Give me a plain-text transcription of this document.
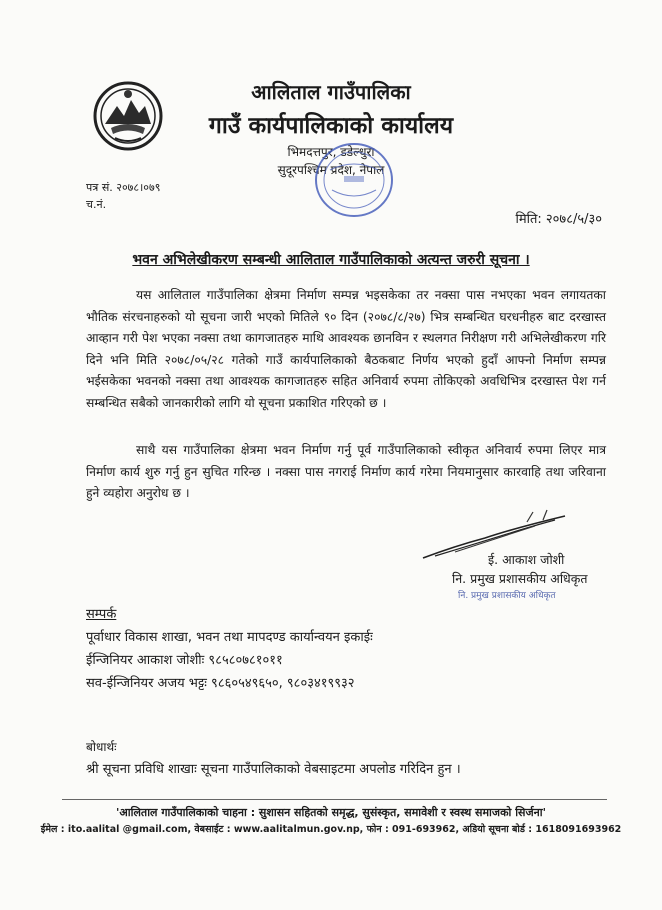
आलिताल गाउँपालिका
गाउँ कार्यपालिकाको कार्यालय
भिमदत्तपुर, डडेल्धुरा
सुदूरपश्चिम प्रदेश, नेपाल
पत्र सं. २०७८।०७९
च.नं.
मिति: २०७८/५/३०
भवन अभिलेखीकरण सम्बन्धी आलिताल गाउँपालिकाको अत्यन्त जरुरी सूचना ।

यस आलिताल गाउँपालिका क्षेत्रमा निर्माण सम्पन्न भइसकेका तर नक्सा पास नभएका भवन लगायतका भौतिक संरचनाहरुको यो सूचना जारी भएको मितिले ९० दिन (२०७८/८/२७) भित्र सम्बन्धित घरधनीहरु बाट दरखास्त आव्हान गरी पेश भएका नक्सा तथा कागजातहरु माथि आवश्यक छानविन र स्थलगत निरीक्षण गरी अभिलेखीकरण गरि दिने भनि मिति २०७८/०५/२८ गतेको गाउँ कार्यपालिकाको बैठकबाट निर्णय भएको हुदाँ आफ्नो निर्माण सम्पन्न भईसकेका भवनको नक्सा तथा आवश्यक कागजातहरु सहित अनिवार्य रुपमा तोकिएको अवधिभित्र दरखास्त पेश गर्न सम्बन्धित सबैको जानकारीको लागि यो सूचना प्रकाशित गरिएको छ ।

साथै यस गाउँपालिका क्षेत्रमा भवन निर्माण गर्नु पूर्व गाउँपालिकाको स्वीकृत अनिवार्य रुपमा लिएर मात्र निर्माण कार्य शुरु गर्नु हुन सुचित गरिन्छ । नक्सा पास नगराई निर्माण कार्य गरेमा नियमानुसार कारवाहि तथा जरिवाना हुने व्यहोरा अनुरोध छ ।

ई. आकाश जोशी
नि. प्रमुख प्रशासकीय अधिकृत
नि. प्रमुख प्रशासकीय अधिकृत
सम्पर्क
पूर्वाधार विकास शाखा, भवन तथा मापदण्ड कार्यान्वयन इकाईः
ईन्जिनियर आकाश जोशीः ९८५८०७८१०११
सव-ईन्जिनियर अजय भट्टः ९८६०५४९६५०, ९८०३४१९९३२
बोधार्थः
श्री सूचना प्रविधि शाखाः सूचना गाउँपालिकाको वेबसाइटमा अपलोड गरिदिन हुन ।
'आलिताल गाउँपालिकाको चाहना : सुशासन सहितको समृद्ध, सुसंस्कृत, समावेशी र स्वस्थ समाजको सिर्जना'
ईमेल : ito.aalital @gmail.com, वेबसाईट : www.aalitalmun.gov.np, फोन : 091-693962, अडियो सूचना बोर्ड : 1618091693962
